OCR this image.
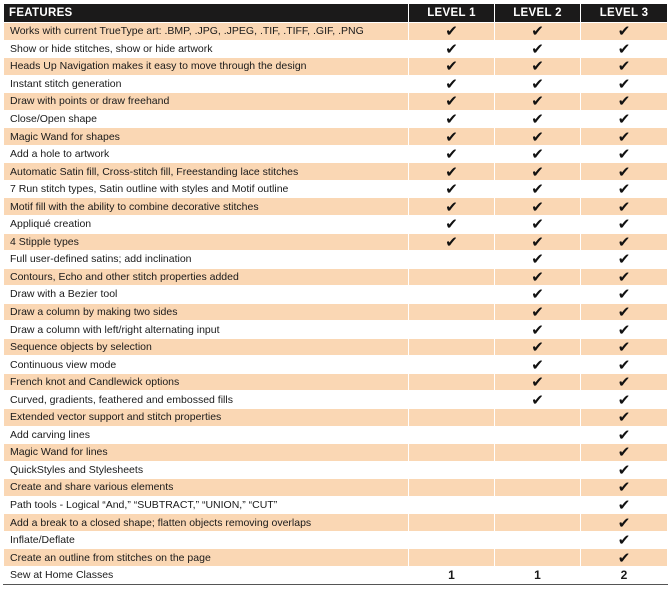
FEATURES	LEVEL 1	LEVEL 2	LEVEL 3
Works with current TrueType art: .BMP, .JPG, .JPEG, .TIF, .TIFF, .GIF, .PNG	✔	✔	✔
Show or hide stitches, show or hide artwork	✔	✔	✔
Heads Up Navigation makes it easy to move through the design	✔	✔	✔
Instant stitch generation	✔	✔	✔
Draw with points or draw freehand	✔	✔	✔
Close/Open shape	✔	✔	✔
Magic Wand for shapes	✔	✔	✔
Add a hole to artwork	✔	✔	✔
Automatic Satin fill, Cross-stitch fill, Freestanding lace stitches	✔	✔	✔
7 Run stitch types, Satin outline with styles and Motif outline	✔	✔	✔
Motif fill with the ability to combine decorative stitches	✔	✔	✔
Appliqué creation	✔	✔	✔
4 Stipple types	✔	✔	✔
Full user-defined satins; add inclination		✔	✔
Contours, Echo and other stitch properties added		✔	✔
Draw with a Bezier tool		✔	✔
Draw a column by making two sides		✔	✔
Draw a column with left/right alternating input		✔	✔
Sequence objects by selection		✔	✔
Continuous view mode		✔	✔
French knot and Candlewick options		✔	✔
Curved, gradients, feathered and embossed fills		✔	✔
Extended vector support and stitch properties			✔
Add carving lines			✔
Magic Wand for lines			✔
QuickStyles and Stylesheets			✔
Create and share various elements			✔
Path tools - Logical “And,” “SUBTRACT,” “UNION,” “CUT”			✔
Add a break to a closed shape; flatten objects removing overlaps			✔
Inflate/Deflate			✔
Create an outline from stitches on the page			✔
Sew at Home Classes	1	1	2
